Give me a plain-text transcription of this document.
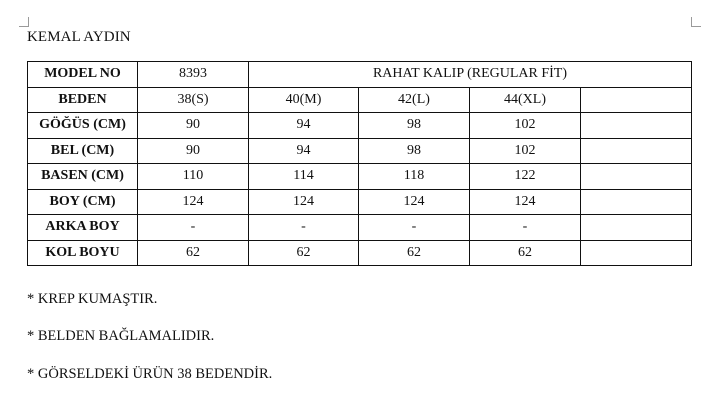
KEMAL AYDIN
MODEL NO	8393	RAHAT KALIP (REGULAR FİT)			
BEDEN	38(S)	40(M)	42(L)	44(XL)	
GÖĞÜS (CM)	90	94	98	102	
BEL (CM)	90	94	98	102	
BASEN (CM)	110	114	118	122	
BOY (CM)	124	124	124	124	
ARKA BOY	-	-	-	-	
KOL BOYU	62	62	62	62	
* KREP KUMAŞTIR.
* BELDEN BAĞLAMALIDIR.
* GÖRSELDEKİ ÜRÜN 38 BEDENDİR.
